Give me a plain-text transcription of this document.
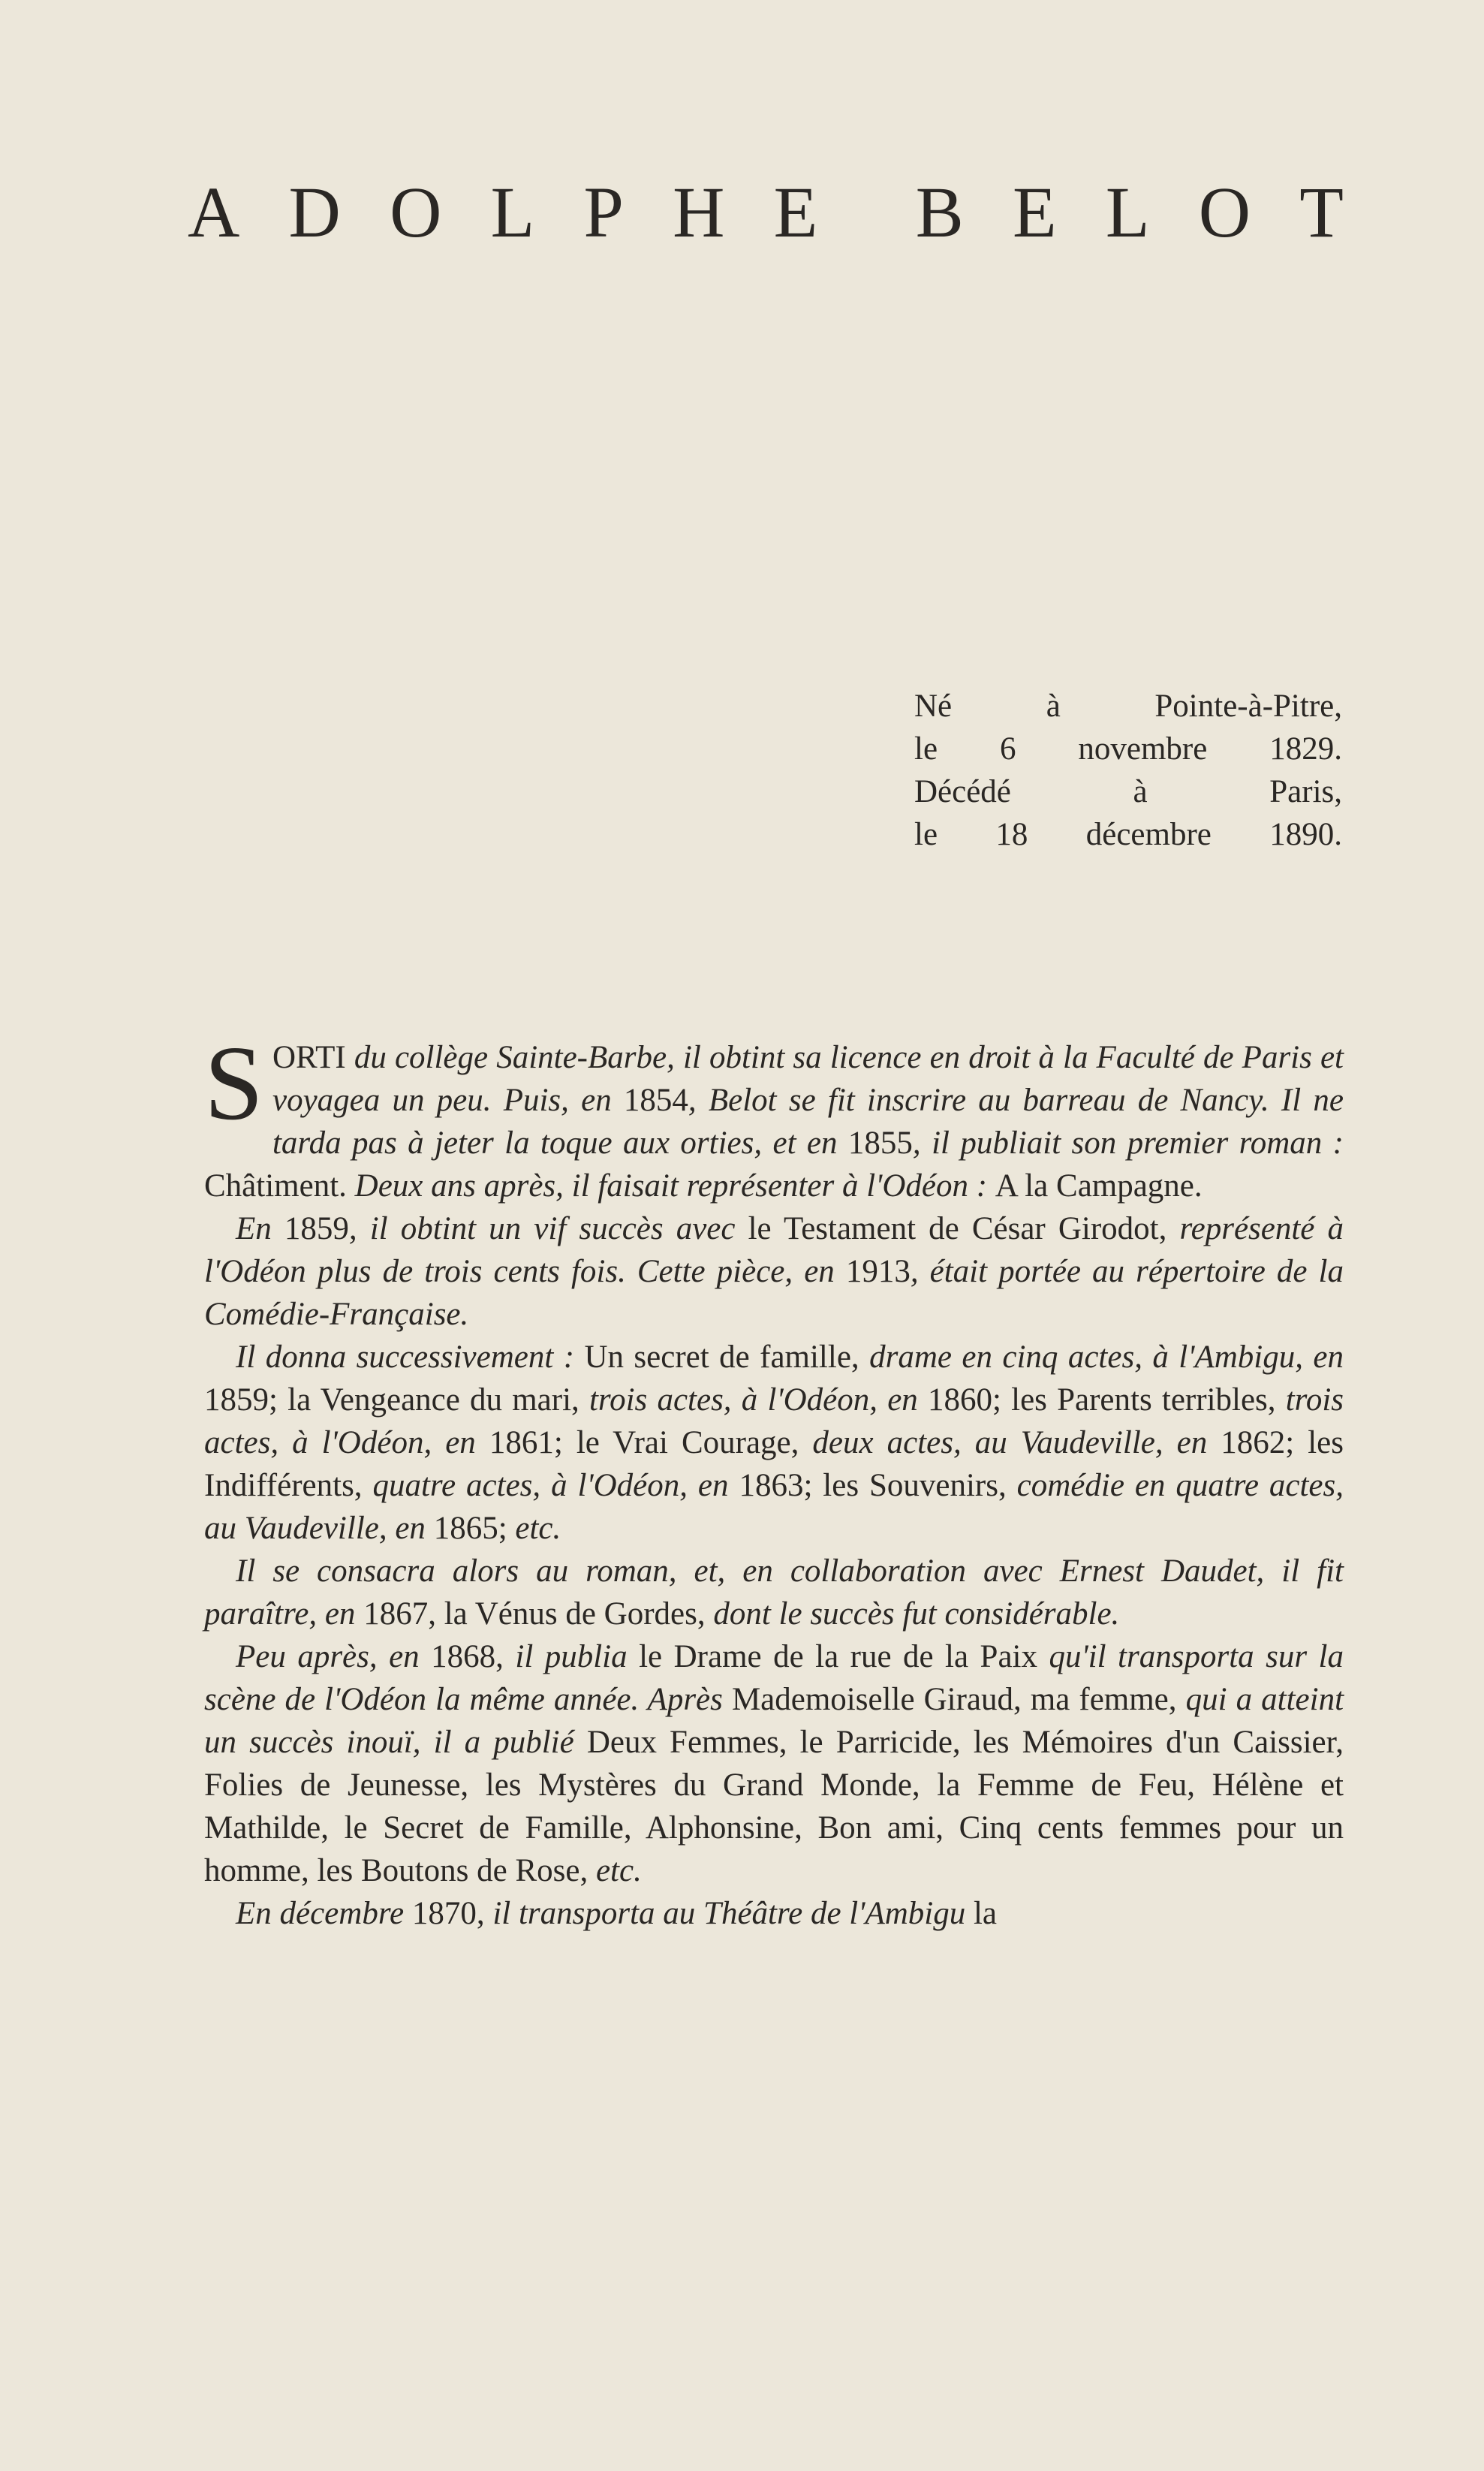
A D O L P H E B E L O T
Né	à	Pointe-à-Pitre,
le 6 novembre 1829.
Décédé	à	Paris,
le 18 décembre 1890.

SORTI du collège Sainte-Barbe, il obtint sa licence en droit à la Faculté de Paris et voyagea un peu. Puis, en 1854, Belot se fit inscrire au barreau de Nancy. Il ne tarda pas à jeter la toque aux orties, et en 1855, il publiait son premier roman : Châtiment. Deux ans après, il faisait représenter à l'Odéon : A la Campagne.

En 1859, il obtint un vif succès avec le Testament de César Girodot, représenté à l'Odéon plus de trois cents fois. Cette pièce, en 1913, était portée au répertoire de la Comédie-Française.

Il donna successivement : Un secret de famille, drame en cinq actes, à l'Ambigu, en 1859; la Vengeance du mari, trois actes, à l'Odéon, en 1860; les Parents terribles, trois actes, à l'Odéon, en 1861; le Vrai Courage, deux actes, au Vaudeville, en 1862; les Indifférents, quatre actes, à l'Odéon, en 1863; les Souvenirs, comédie en quatre actes, au Vaudeville, en 1865; etc.

Il se consacra alors au roman, et, en collaboration avec Ernest Daudet, il fit paraître, en 1867, la Vénus de Gordes, dont le succès fut considérable.

Peu après, en 1868, il publia le Drame de la rue de la Paix qu'il transporta sur la scène de l'Odéon la même année. Après Mademoiselle Giraud, ma femme, qui a atteint un succès inouï, il a publié Deux Femmes, le Parricide, les Mémoires d'un Caissier, Folies de Jeunesse, les Mystères du Grand Monde, la Femme de Feu, Hélène et Mathilde, le Secret de Famille, Alphonsine, Bon ami, Cinq cents femmes pour un homme, les Boutons de Rose, etc.

En décembre 1870, il transporta au Théâtre de l'Ambigu la
